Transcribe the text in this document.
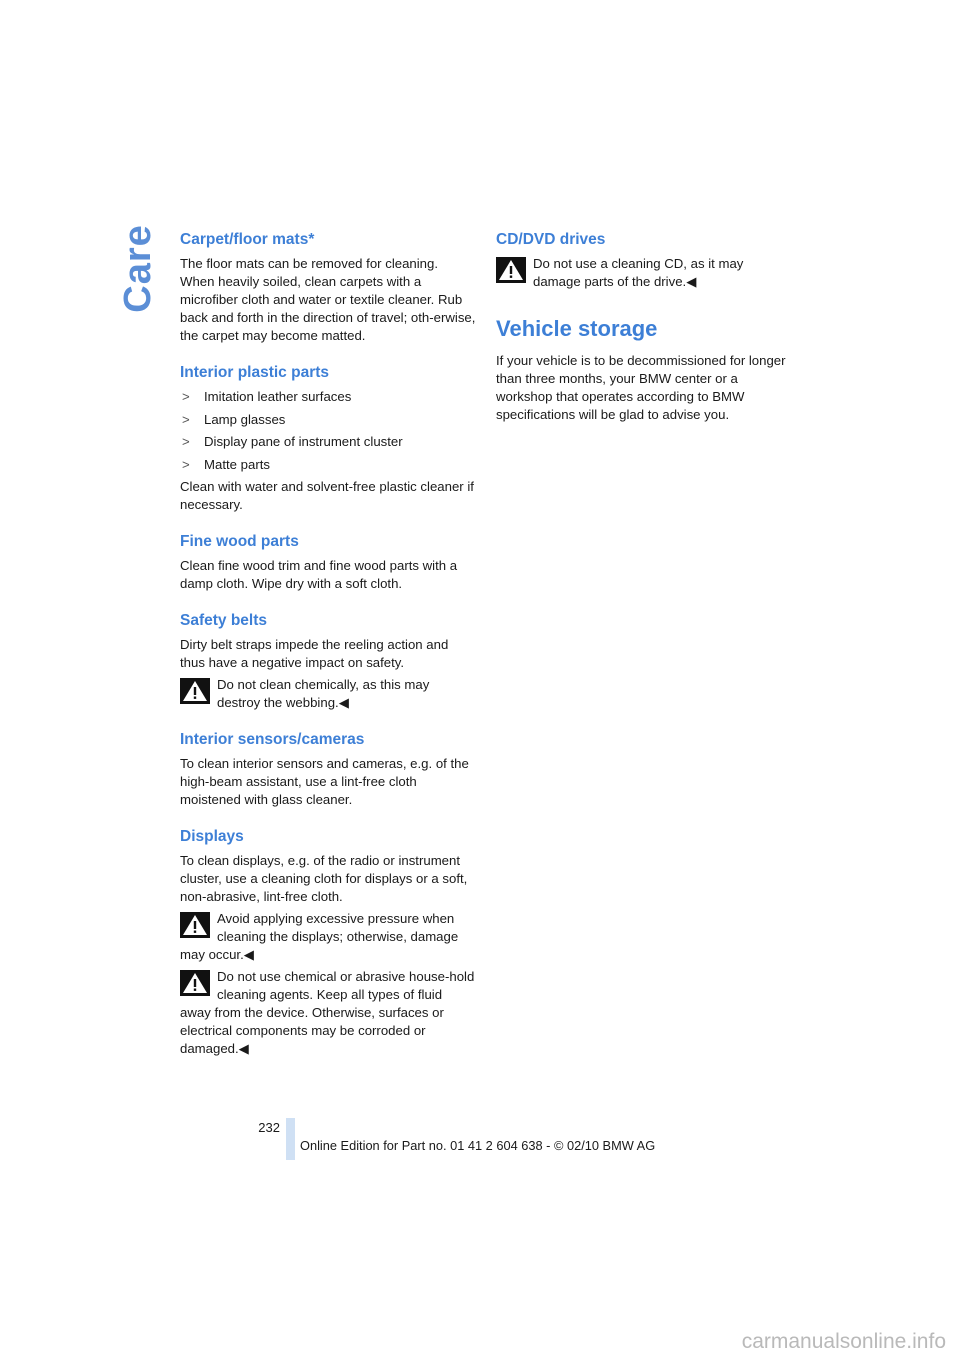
Care Carpet/floor mats*

The floor mats can be removed for cleaning. When heavily soiled, clean carpets with a microfiber cloth and water or textile cleaner. Rub back and forth in the direction of travel; oth-erwise, the carpet may become matted.

Interior plastic parts
> Imitation leather surfaces
> Lamp glasses
> Display pane of instrument cluster
> Matte parts

Clean with water and solvent-free plastic cleaner if necessary.

Fine wood parts

Clean fine wood trim and fine wood parts with a damp cloth. Wipe dry with a soft cloth.

Safety belts

Dirty belt straps impede the reeling action and thus have a negative impact on safety.

Do not clean chemically, as this may destroy the webbing.◀
Interior sensors/cameras

To clean interior sensors and cameras, e.g. of the high-beam assistant, use a lint-free cloth moistened with glass cleaner.

Displays

To clean displays, e.g. of the radio or instrument cluster, use a cleaning cloth for displays or a soft, non-abrasive, lint-free cloth.

Avoid applying excessive pressure when cleaning the displays; otherwise, damage may occur.◀
Do not use chemical or abrasive house-hold cleaning agents. Keep all types of fluid away from the device. Otherwise, surfaces or electrical components may be corroded or damaged.◀
CD/DVD drives
Do not use a cleaning CD, as it may damage parts of the drive.◀
Vehicle storage

If your vehicle is to be decommissioned for longer than three months, your BMW center or a workshop that operates according to BMW specifications will be glad to advise you.

232
Online Edition for Part no. 01 41 2 604 638 - © 02/10 BMW AG
carmanualsonline.info
